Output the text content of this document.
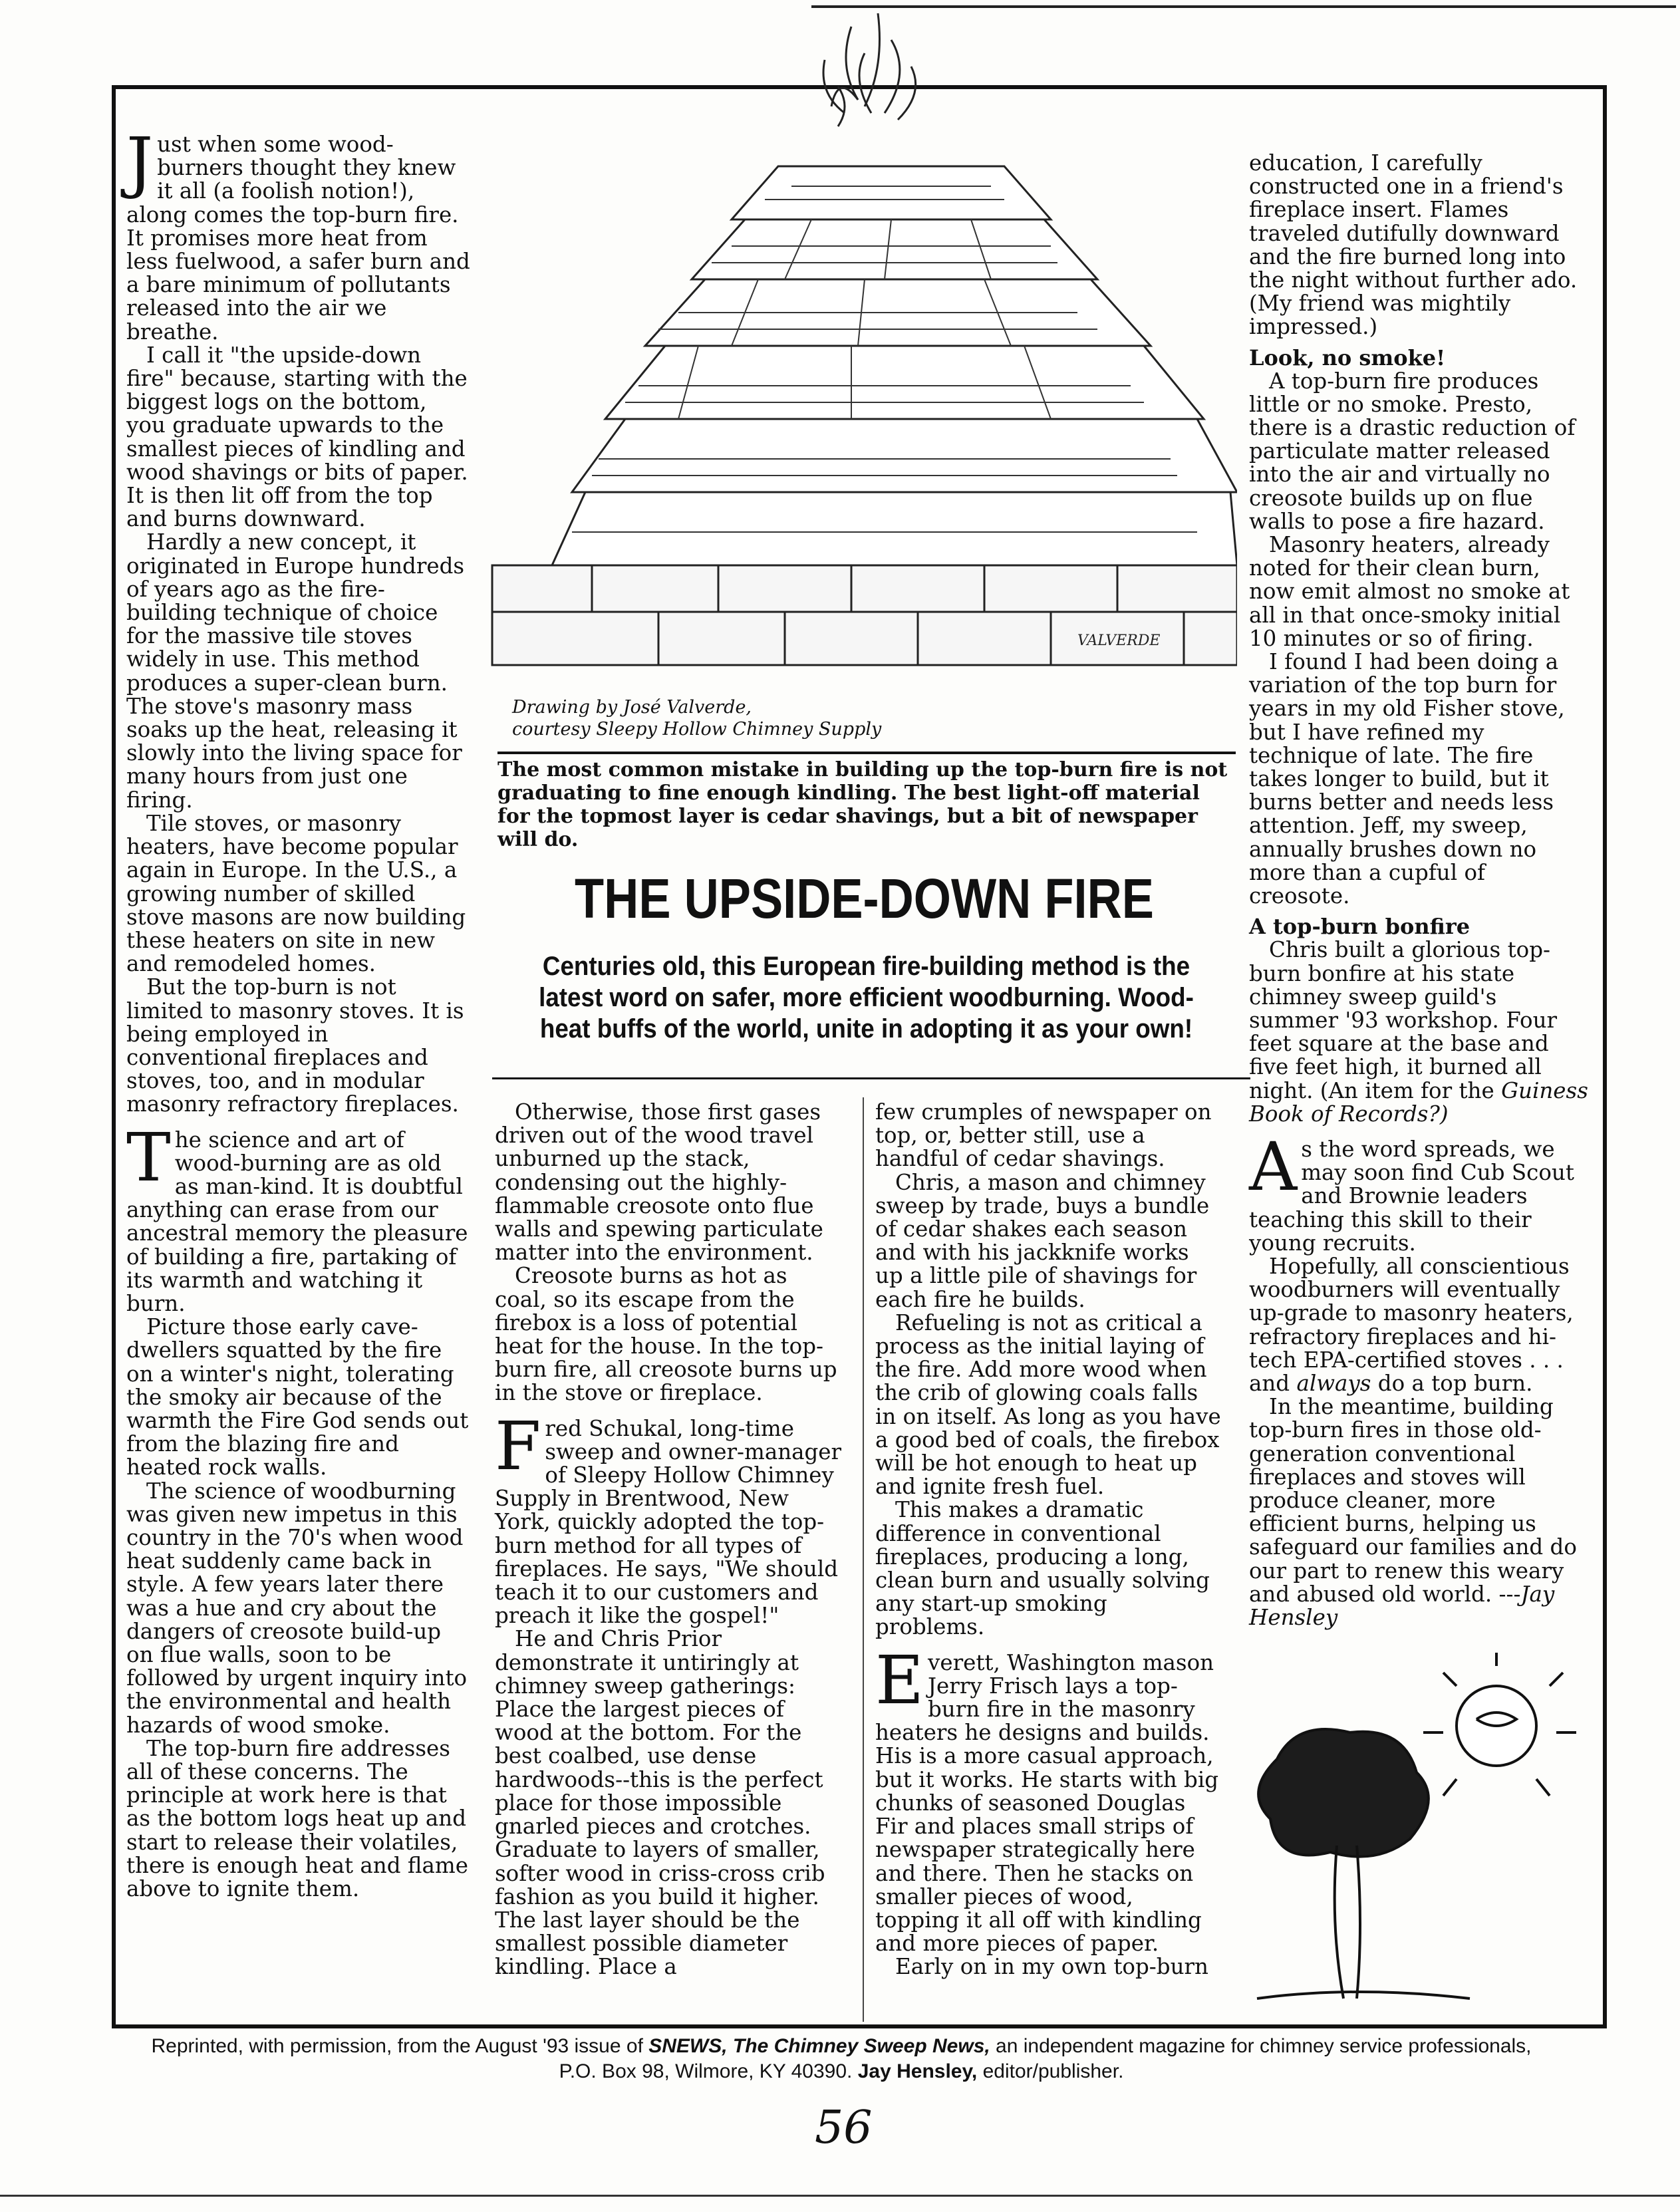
VALVERDE
Drawing by José Valverde,
courtesy Sleepy Hollow Chimney Supply
The most common mistake in building up the top-burn fire is not graduating to fine enough kindling. The best light-off material for the topmost layer is cedar shavings, but a bit of newspaper will do.
THE UPSIDE-DOWN FIRE
Centuries old, this European fire-building method is the latest word on safer, more efficient woodburning. Wood-heat buffs of the world, unite in adopting it as your own!

Just when some wood-burners thought they knew it all (a foolish notion!), along comes the top-burn fire. It promises more heat from less fuelwood, a safer burn and a bare minimum of pollutants released into the air we breathe.

I call it "the upside-down fire" because, starting with the biggest logs on the bottom, you graduate upwards to the smallest pieces of kindling and wood shavings or bits of paper. It is then lit off from the top and burns downward.

Hardly a new concept, it originated in Europe hundreds of years ago as the fire-building technique of choice for the massive tile stoves widely in use. This method produces a super-clean burn. The stove's masonry mass soaks up the heat, releasing it slowly into the living space for many hours from just one firing.

Tile stoves, or masonry heaters, have become popular again in Europe. In the U.S., a growing number of skilled stove masons are now building these heaters on site in new and remodeled homes.

But the top-burn is not limited to masonry stoves. It is being employed in conventional fireplaces and stoves, too, and in modular masonry refractory fireplaces.

The science and art of wood-burning are as old as man-kind. It is doubtful anything can erase from our ancestral memory the pleasure of building a fire, partaking of its warmth and watching it burn.

Picture those early cave-dwellers squatted by the fire on a winter's night, tolerating the smoky air because of the warmth the Fire God sends out from the blazing fire and heated rock walls.

The science of woodburning was given new impetus in this country in the 70's when wood heat suddenly came back in style. A few years later there was a hue and cry about the dangers of creosote build-up on flue walls, soon to be followed by urgent inquiry into the environmental and health hazards of wood smoke.

The top-burn fire addresses all of these concerns. The principle at work here is that as the bottom logs heat up and start to release their volatiles, there is enough heat and flame above to ignite them.

Otherwise, those first gases driven out of the wood travel unburned up the stack, condensing out the highly-flammable creosote onto flue walls and spewing particulate matter into the environment.

Creosote burns as hot as coal, so its escape from the firebox is a loss of potential heat for the house. In the top-burn fire, all creosote burns up in the stove or fireplace.

Fred Schukal, long-time sweep and owner-manager of Sleepy Hollow Chimney Supply in Brentwood, New York, quickly adopted the top-burn method for all types of fireplaces. He says, "We should teach it to our customers and preach it like the gospel!"

He and Chris Prior demonstrate it untiringly at chimney sweep gatherings: Place the largest pieces of wood at the bottom. For the best coalbed, use dense hardwoods--this is the perfect place for those impossible gnarled pieces and crotches. Graduate to layers of smaller, softer wood in criss-cross crib fashion as you build it higher. The last layer should be the smallest possible diameter kindling. Place a

few crumples of newspaper on top, or, better still, use a handful of cedar shavings.

Chris, a mason and chimney sweep by trade, buys a bundle of cedar shakes each season and with his jackknife works up a little pile of shavings for each fire he builds.

Refueling is not as critical a process as the initial laying of the fire. Add more wood when the crib of glowing coals falls in on itself. As long as you have a good bed of coals, the firebox will be hot enough to heat up and ignite fresh fuel.

This makes a dramatic difference in conventional fireplaces, producing a long, clean burn and usually solving any start-up smoking problems.

Everett, Washington mason Jerry Frisch lays a top-burn fire in the masonry heaters he designs and builds. His is a more casual approach, but it works. He starts with big chunks of seasoned Douglas Fir and places small strips of newspaper strategically here and there. Then he stacks on smaller pieces of wood, topping it all off with kindling and more pieces of paper.

Early on in my own top-burn

education, I carefully constructed one in a friend's fireplace insert. Flames traveled dutifully downward and the fire burned long into the night without further ado. (My friend was mightily impressed.)

Look, no smoke!

A top-burn fire produces little or no smoke. Presto, there is a drastic reduction of particulate matter released into the air and virtually no creosote builds up on flue walls to pose a fire hazard.

Masonry heaters, already noted for their clean burn, now emit almost no smoke at all in that once-smoky initial 10 minutes or so of firing.

I found I had been doing a variation of the top burn for years in my old Fisher stove, but I have refined my technique of late. The fire takes longer to build, but it burns better and needs less attention. Jeff, my sweep, annually brushes down no more than a cupful of creosote.

A top-burn bonfire

Chris built a glorious top-burn bonfire at his state chimney sweep guild's summer '93 workshop. Four feet square at the base and five feet high, it burned all night. (An item for the Guiness Book of Records?)

As the word spreads, we may soon find Cub Scout and Brownie leaders teaching this skill to their young recruits.

Hopefully, all conscientious woodburners will eventually up-grade to masonry heaters, refractory fireplaces and hi-tech EPA-certified stoves . . . and always do a top burn.

In the meantime, building top-burn fires in those old-generation conventional fireplaces and stoves will produce cleaner, more efficient burns, helping us safeguard our families and do our part to renew this weary and abused old world. ---Jay Hensley

Reprinted, with permission, from the August '93 issue of SNEWS, The Chimney Sweep News, an independent magazine for chimney service professionals, P.O. Box 98, Wilmore, KY 40390. Jay Hensley, editor/publisher.
56
